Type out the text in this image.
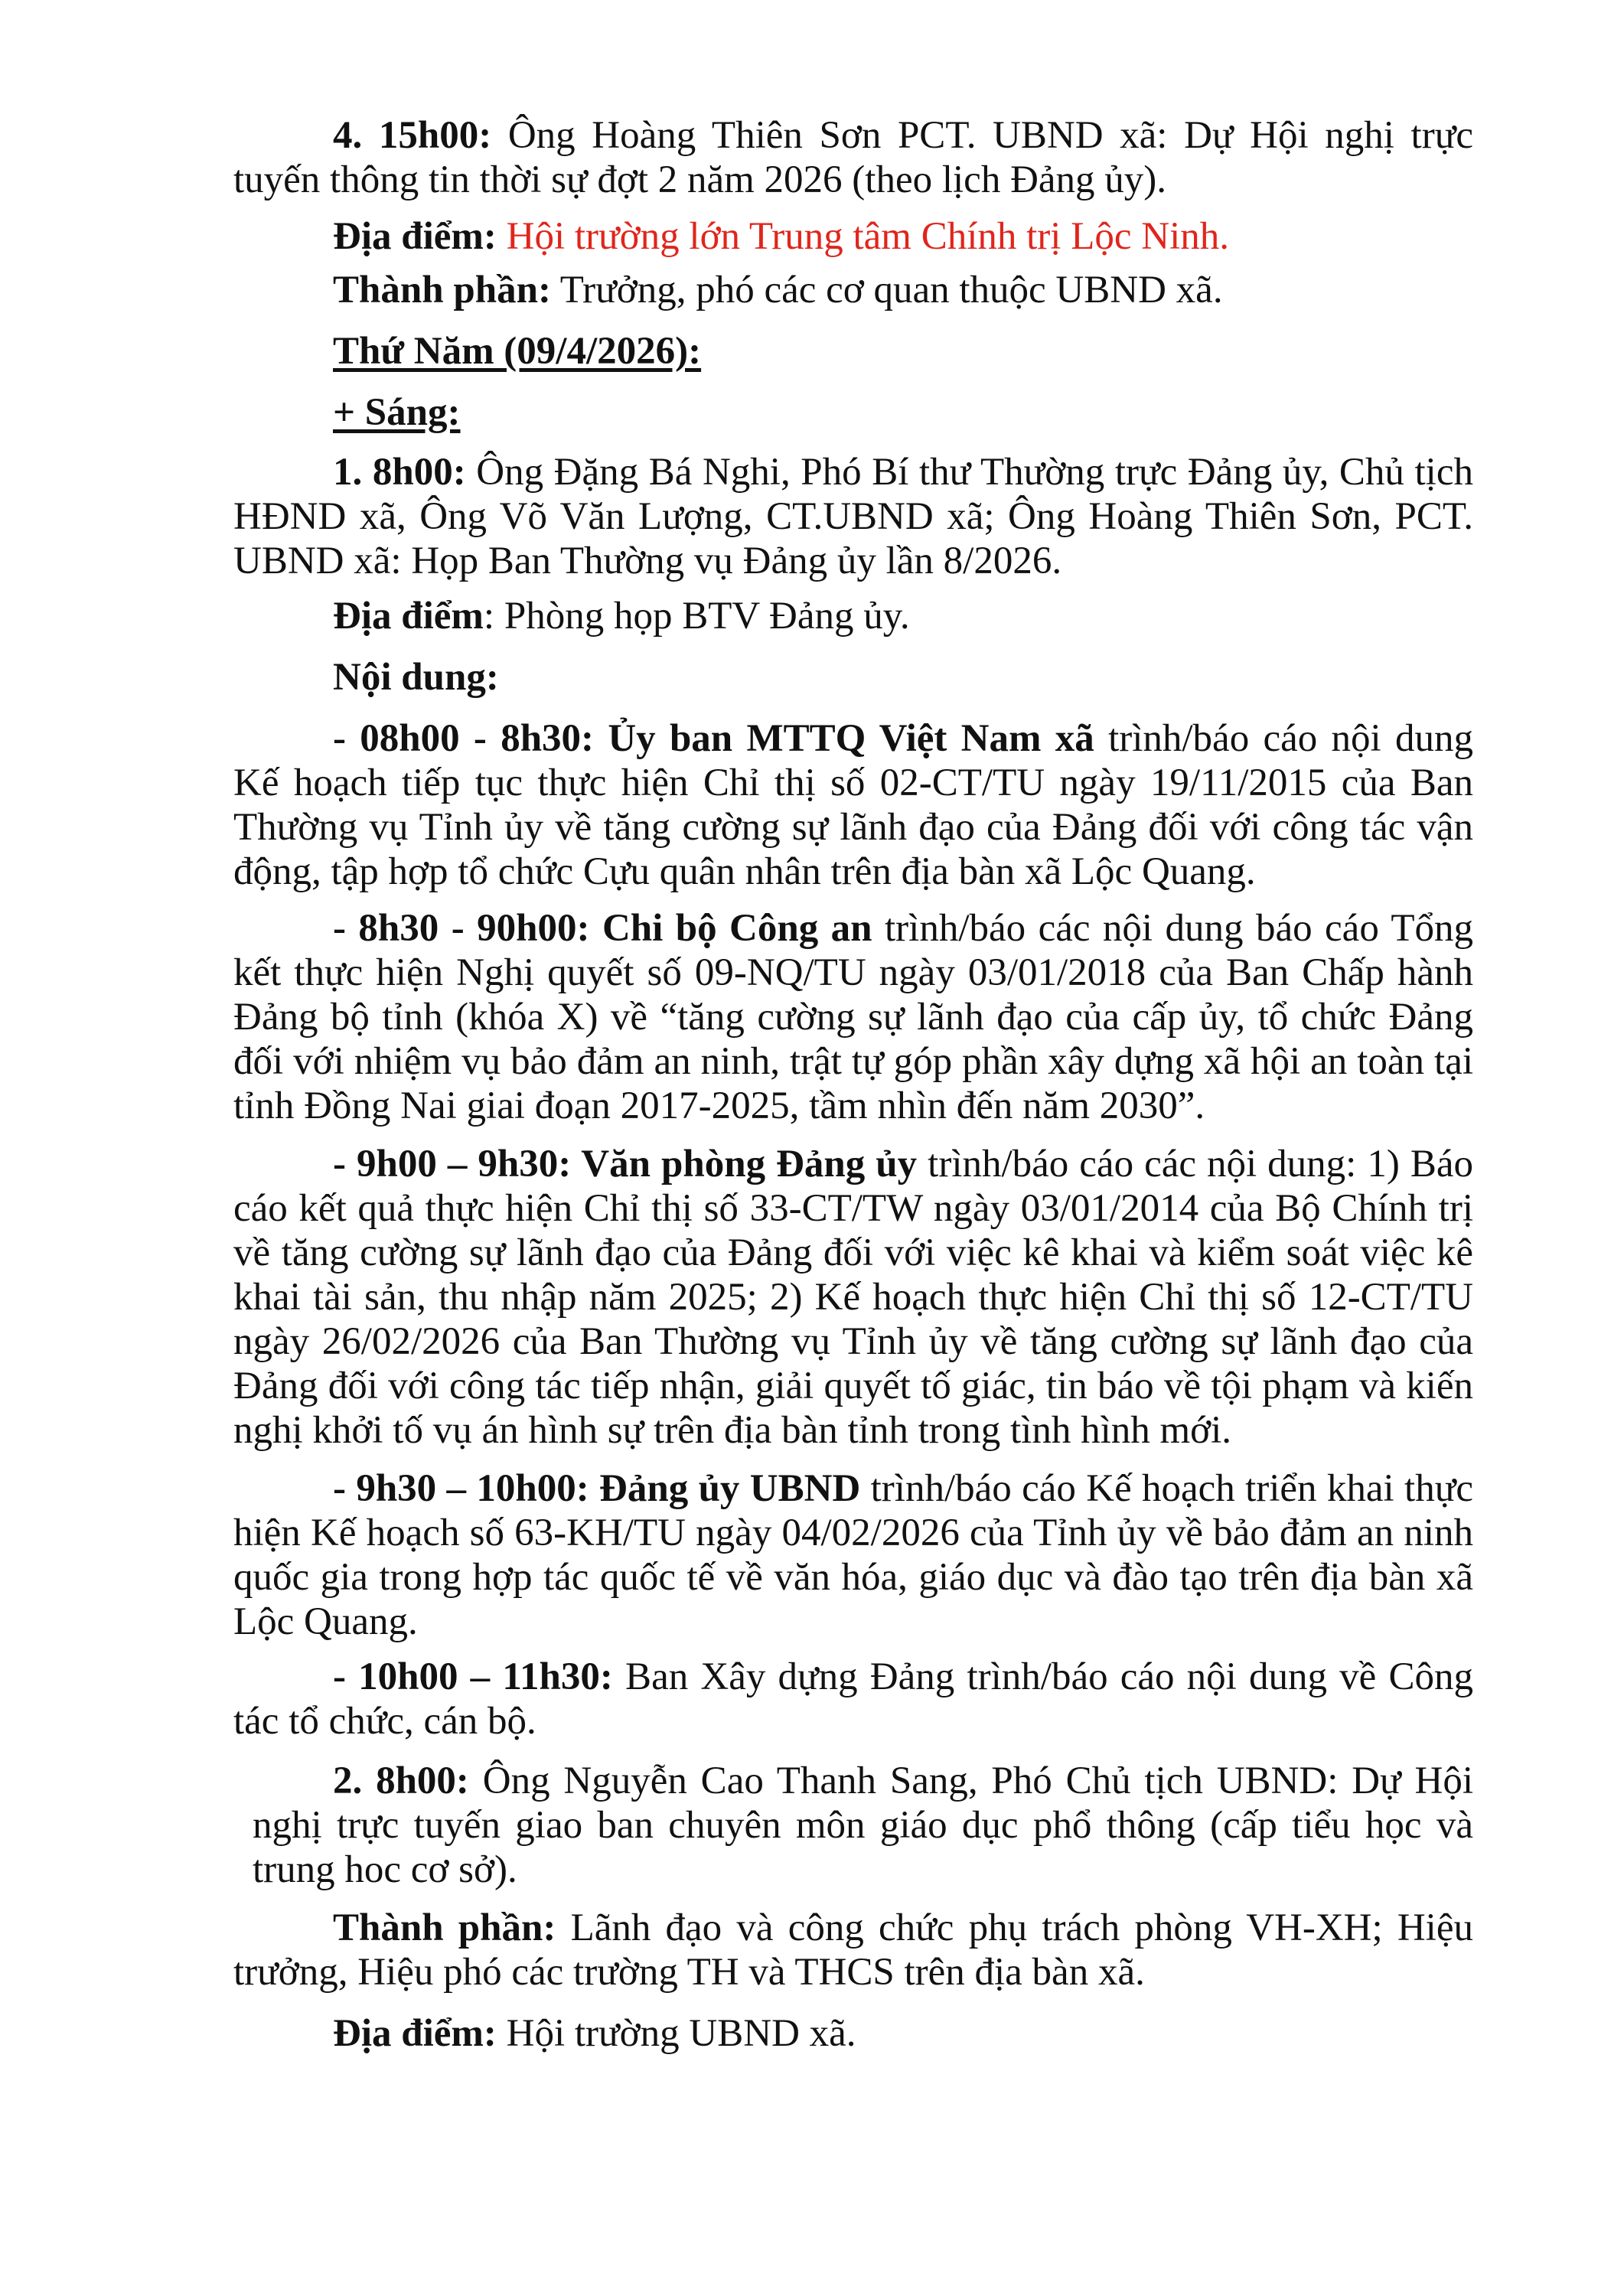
4. 15h00: Ông Hoàng Thiên Sơn PCT. UBND xã: Dự Hội nghị trực tuyến thông tin thời sự đợt 2 năm 2026 (theo lịch Đảng ủy).

Địa điểm: Hội trường lớn Trung tâm Chính trị Lộc Ninh.

Thành phần: Trưởng, phó các cơ quan thuộc UBND xã.

Thứ Năm (09/4/2026):

+ Sáng:

1. 8h00: Ông Đặng Bá Nghi, Phó Bí thư Thường trực Đảng ủy, Chủ tịch HĐND xã, Ông Võ Văn Lượng, CT.UBND xã; Ông Hoàng Thiên Sơn, PCT. UBND xã: Họp Ban Thường vụ Đảng ủy lần 8/2026.

Địa điểm: Phòng họp BTV Đảng ủy.

Nội dung:

- 08h00 - 8h30: Ủy ban MTTQ Việt Nam xã trình/báo cáo nội dung Kế hoạch tiếp tục thực hiện Chỉ thị số 02-CT/TU ngày 19/11/2015 của Ban Thường vụ Tỉnh ủy về tăng cường sự lãnh đạo của Đảng đối với công tác vận động, tập hợp tổ chức Cựu quân nhân trên địa bàn xã Lộc Quang.

- 8h30 - 90h00: Chi bộ Công an trình/báo các nội dung báo cáo Tổng kết thực hiện Nghị quyết số 09-NQ/TU ngày 03/01/2018 của Ban Chấp hành Đảng bộ tỉnh (khóa X) về “tăng cường sự lãnh đạo của cấp ủy, tổ chức Đảng đối với nhiệm vụ bảo đảm an ninh, trật tự góp phần xây dựng xã hội an toàn tại tỉnh Đồng Nai giai đoạn 2017-2025, tầm nhìn đến năm 2030”.

- 9h00 – 9h30: Văn phòng Đảng ủy trình/báo cáo các nội dung: 1) Báo cáo kết quả thực hiện Chỉ thị số 33-CT/TW ngày 03/01/2014 của Bộ Chính trị về tăng cường sự lãnh đạo của Đảng đối với việc kê khai và kiểm soát việc kê khai tài sản, thu nhập năm 2025; 2) Kế hoạch thực hiện Chỉ thị số 12-CT/TU ngày 26/02/2026 của Ban Thường vụ Tỉnh ủy về tăng cường sự lãnh đạo của Đảng đối với công tác tiếp nhận, giải quyết tố giác, tin báo về tội phạm và kiến nghị khởi tố vụ án hình sự trên địa bàn tỉnh trong tình hình mới.

- 9h30 – 10h00: Đảng ủy UBND trình/báo cáo Kế hoạch triển khai thực hiện Kế hoạch số 63-KH/TU ngày 04/02/2026 của Tỉnh ủy về bảo đảm an ninh quốc gia trong hợp tác quốc tế về văn hóa, giáo dục và đào tạo trên địa bàn xã Lộc Quang.

- 10h00 – 11h30: Ban Xây dựng Đảng trình/báo cáo nội dung về Công tác tổ chức, cán bộ.

2. 8h00: Ông Nguyễn Cao Thanh Sang, Phó Chủ tịch UBND: Dự Hội nghị trực tuyến giao ban chuyên môn giáo dục phổ thông (cấp tiểu học và trung hoc cơ sở).

Thành phần: Lãnh đạo và công chức phụ trách phòng VH-XH; Hiệu trưởng, Hiệu phó các trường TH và THCS trên địa bàn xã.

Địa điểm: Hội trường UBND xã.
